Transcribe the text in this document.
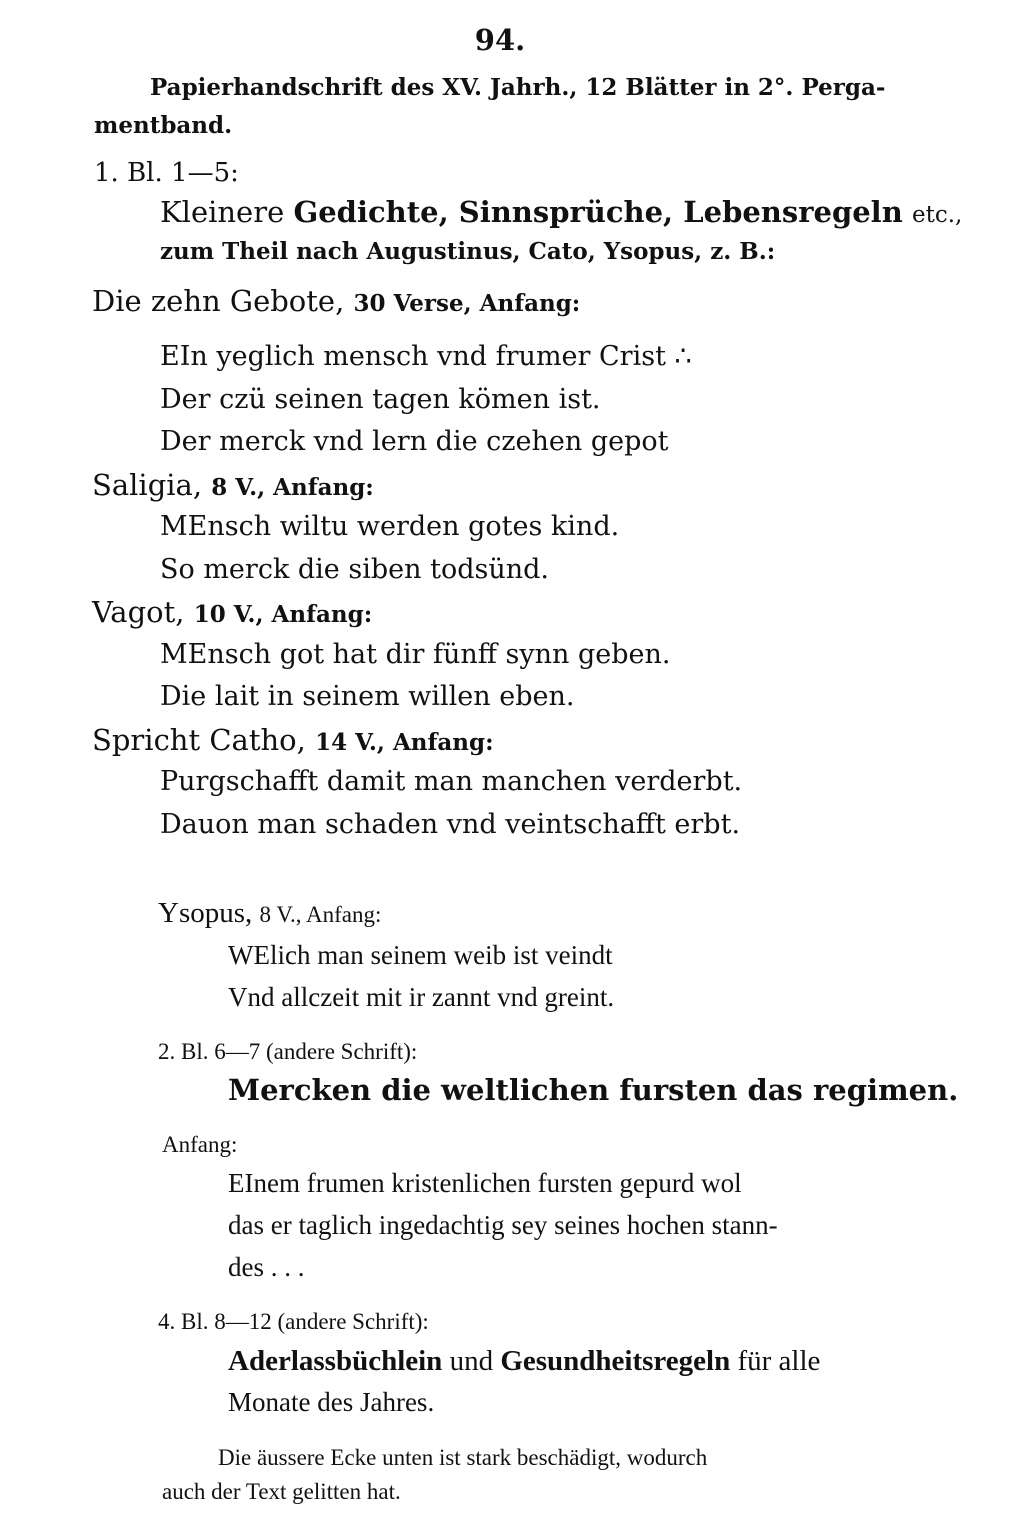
94.
Papierhandschrift des XV. Jahrh., 12 Blätter in 2°. Perga-
mentband.
1. Bl. 1—5:
Kleinere Gedichte, Sinnsprüche, Lebensregeln etc.,
zum Theil nach Augustinus, Cato, Ysopus, z. B.:
Die zehn Gebote, 30 Verse, Anfang:
EIn yeglich mensch vnd frumer Crist ∴
Der czü seinen tagen kömen ist.
Der merck vnd lern die czehen gepot
Saligia, 8 V., Anfang:
MEnsch wiltu werden gotes kind.
So merck die siben todsünd.
Vagot, 10 V., Anfang:
MEnsch got hat dir fünff synn geben.
Die lait in seinem willen eben.
Spricht Catho, 14 V., Anfang:
Purgschafft damit man manchen verderbt.
Dauon man schaden vnd veintschafft erbt.
Ysopus, 8 V., Anfang:
WElich man seinem weib ist veindt
Vnd allczeit mit ir zannt vnd greint.
2. Bl. 6—7 (andere Schrift):
Mercken die weltlichen fursten das regimen.
Anfang:
EInem frumen kristenlichen fursten gepurd wol
das er taglich ingedachtig sey seines hochen stann-
des . . .
4. Bl. 8—12 (andere Schrift):
Aderlassbüchlein und Gesundheitsregeln für alle
Monate des Jahres.
Die äussere Ecke unten ist stark beschädigt, wodurch
auch der Text gelitten hat.
